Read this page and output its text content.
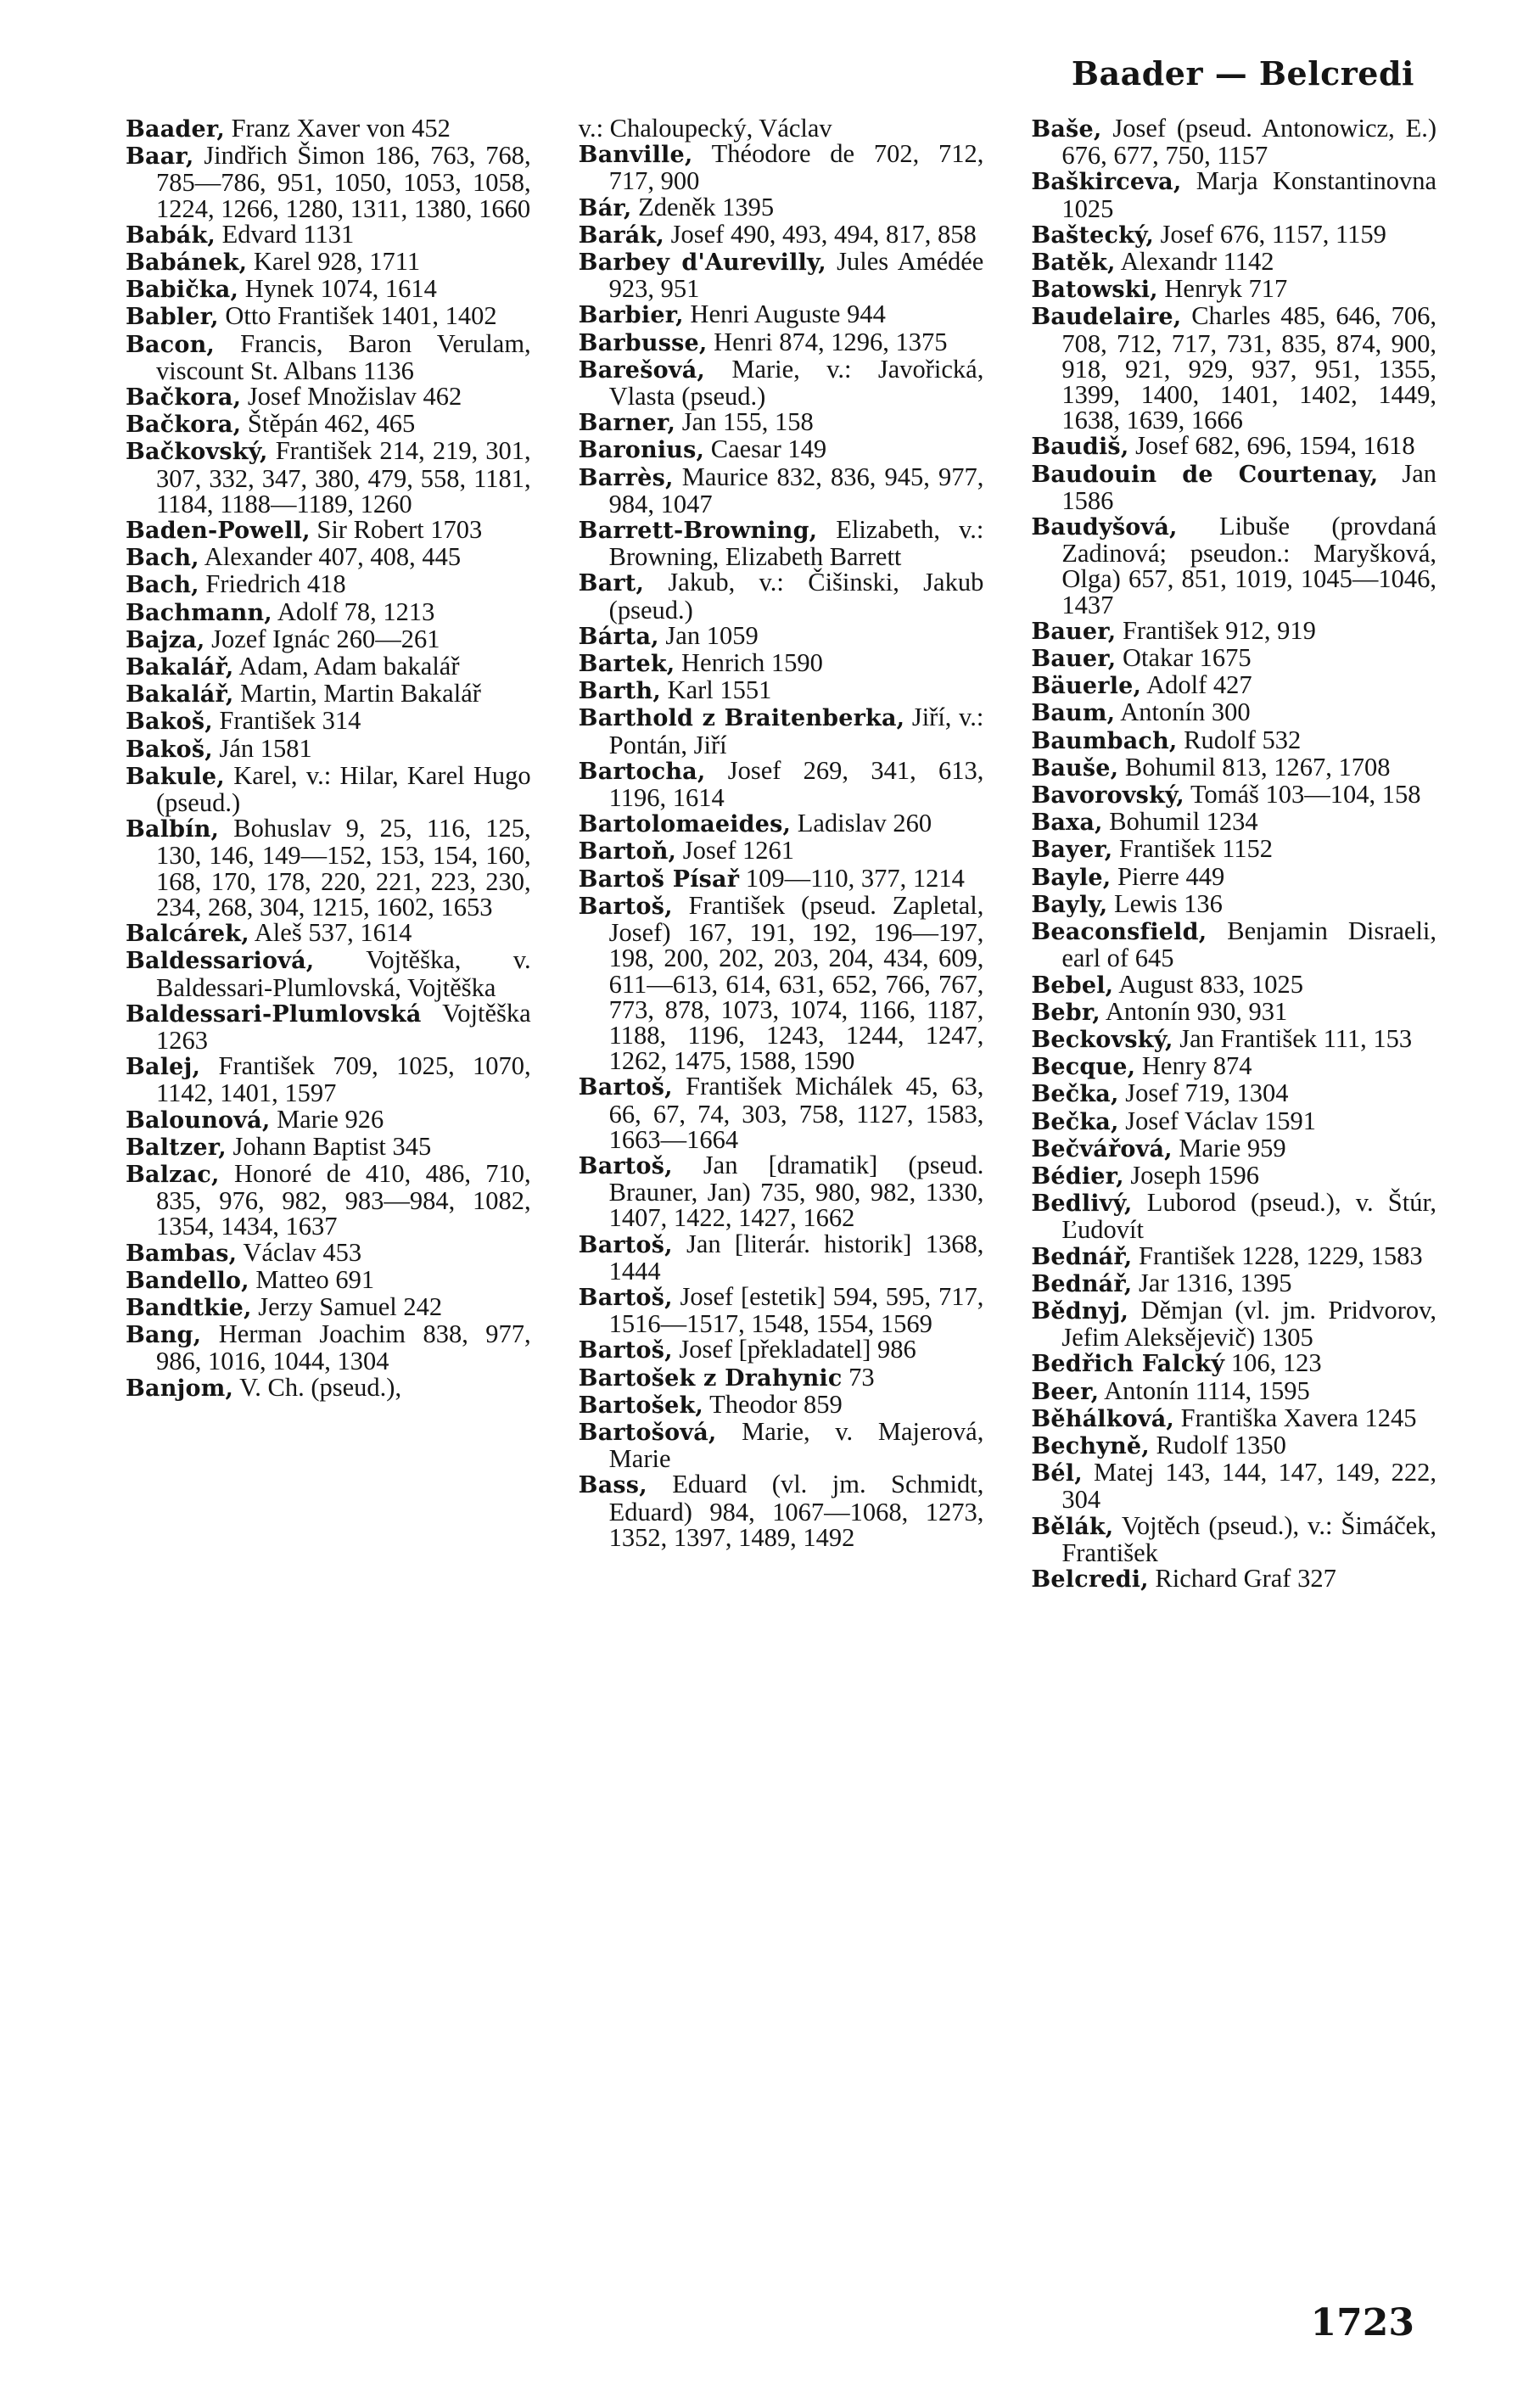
Baader — Belcredi

Baader, Franz Xaver von 452

Baar, Jindřich Šimon 186, 763, 768, 785—786, 951, 1050, 1053, 1058, 1224, 1266, 1280, 1311, 1380, 1660

Babák, Edvard 1131

Babánek, Karel 928, 1711

Babička, Hynek 1074, 1614

Babler, Otto František 1401, 1402

Bacon, Francis, Baron Verulam, viscount St. Albans 1136

Bačkora, Josef Množislav 462

Bačkora, Štěpán 462, 465

Bačkovský, František 214, 219, 301, 307, 332, 347, 380, 479, 558, 1181, 1184, 1188—1189, 1260

Baden-Powell, Sir Robert 1703

Bach, Alexander 407, 408, 445

Bach, Friedrich 418

Bachmann, Adolf 78, 1213

Bajza, Jozef Ignác 260—261

Bakalář, Adam, Adam bakalář

Bakalář, Martin, Martin Bakalář

Bakoš, František 314

Bakoš, Ján 1581

Bakule, Karel, v.: Hilar, Karel Hugo (pseud.)

Balbín, Bohuslav 9, 25, 116, 125, 130, 146, 149—152, 153, 154, 160, 168, 170, 178, 220, 221, 223, 230, 234, 268, 304, 1215, 1602, 1653

Balcárek, Aleš 537, 1614

Baldessariová, Vojtěška, v. Baldessari-Plumlovská, Vojtěška

Baldessari-Plumlovská Vojtěška 1263

Balej, František 709, 1025, 1070, 1142, 1401, 1597

Balounová, Marie 926

Baltzer, Johann Baptist 345

Balzac, Honoré de 410, 486, 710, 835, 976, 982, 983—984, 1082, 1354, 1434, 1637

Bambas, Václav 453

Bandello, Matteo 691

Bandtkie, Jerzy Samuel 242

Bang, Herman Joachim 838, 977, 986, 1016, 1044, 1304

Banjom, V. Ch. (pseud.),

v.: Chaloupecký, Václav

Banville, Théodore de 702, 712, 717, 900

Bár, Zdeněk 1395

Barák, Josef 490, 493, 494, 817, 858

Barbey d'Aurevilly, Jules Amédée 923, 951

Barbier, Henri Auguste 944

Barbusse, Henri 874, 1296, 1375

Barešová, Marie, v.: Javořická, Vlasta (pseud.)

Barner, Jan 155, 158

Baronius, Caesar 149

Barrès, Maurice 832, 836, 945, 977, 984, 1047

Barrett-Browning, Elizabeth, v.: Browning, Elizabeth Barrett

Bart, Jakub, v.: Čišinski, Jakub (pseud.)

Bárta, Jan 1059

Bartek, Henrich 1590

Barth, Karl 1551

Barthold z Braitenberka, Jiří, v.: Pontán, Jiří

Bartocha, Josef 269, 341, 613, 1196, 1614

Bartolomaeides, Ladislav 260

Bartoň, Josef 1261

Bartoš Písař 109—110, 377, 1214

Bartoš, František (pseud. Zapletal, Josef) 167, 191, 192, 196—197, 198, 200, 202, 203, 204, 434, 609, 611—613, 614, 631, 652, 766, 767, 773, 878, 1073, 1074, 1166, 1187, 1188, 1196, 1243, 1244, 1247, 1262, 1475, 1588, 1590

Bartoš, František Michálek 45, 63, 66, 67, 74, 303, 758, 1127, 1583, 1663—1664

Bartoš, Jan [dramatik] (pseud. Brauner, Jan) 735, 980, 982, 1330, 1407, 1422, 1427, 1662

Bartoš, Jan [literár. historik] 1368, 1444

Bartoš, Josef [estetik] 594, 595, 717, 1516—1517, 1548, 1554, 1569

Bartoš, Josef [překladatel] 986

Bartošek z Drahynic 73

Bartošek, Theodor 859

Bartošová, Marie, v. Majerová, Marie

Bass, Eduard (vl. jm. Schmidt, Eduard) 984, 1067—1068, 1273, 1352, 1397, 1489, 1492

Baše, Josef (pseud. Antonowicz, E.) 676, 677, 750, 1157

Baškirceva, Marja Konstantinovna 1025

Baštecký, Josef 676, 1157, 1159

Batěk, Alexandr 1142

Batowski, Henryk 717

Baudelaire, Charles 485, 646, 706, 708, 712, 717, 731, 835, 874, 900, 918, 921, 929, 937, 951, 1355, 1399, 1400, 1401, 1402, 1449, 1638, 1639, 1666

Baudiš, Josef 682, 696, 1594, 1618

Baudouin de Courtenay, Jan 1586

Baudyšová, Libuše (provdaná Zadinová; pseudon.: Maryšková, Olga) 657, 851, 1019, 1045—1046, 1437

Bauer, František 912, 919

Bauer, Otakar 1675

Bäuerle, Adolf 427

Baum, Antonín 300

Baumbach, Rudolf 532

Bauše, Bohumil 813, 1267, 1708

Bavorovský, Tomáš 103—104, 158

Baxa, Bohumil 1234

Bayer, František 1152

Bayle, Pierre 449

Bayly, Lewis 136

Beaconsfield, Benjamin Disraeli, earl of 645

Bebel, August 833, 1025

Bebr, Antonín 930, 931

Beckovský, Jan František 111, 153

Becque, Henry 874

Bečka, Josef 719, 1304

Bečka, Josef Václav 1591

Bečvářová, Marie 959

Bédier, Joseph 1596

Bedlivý, Luborod (pseud.), v. Štúr, Ľudovít

Bednář, František 1228, 1229, 1583

Bednář, Jar 1316, 1395

Bědnyj, Děmjan (vl. jm. Pridvorov, Jefim Aleksějevič) 1305

Bedřich Falcký 106, 123

Beer, Antonín 1114, 1595

Běhálková, Františka Xavera 1245

Bechyně, Rudolf 1350

Bél, Matej 143, 144, 147, 149, 222, 304

Bělák, Vojtěch (pseud.), v.: Šimáček, František

Belcredi, Richard Graf 327

1723
